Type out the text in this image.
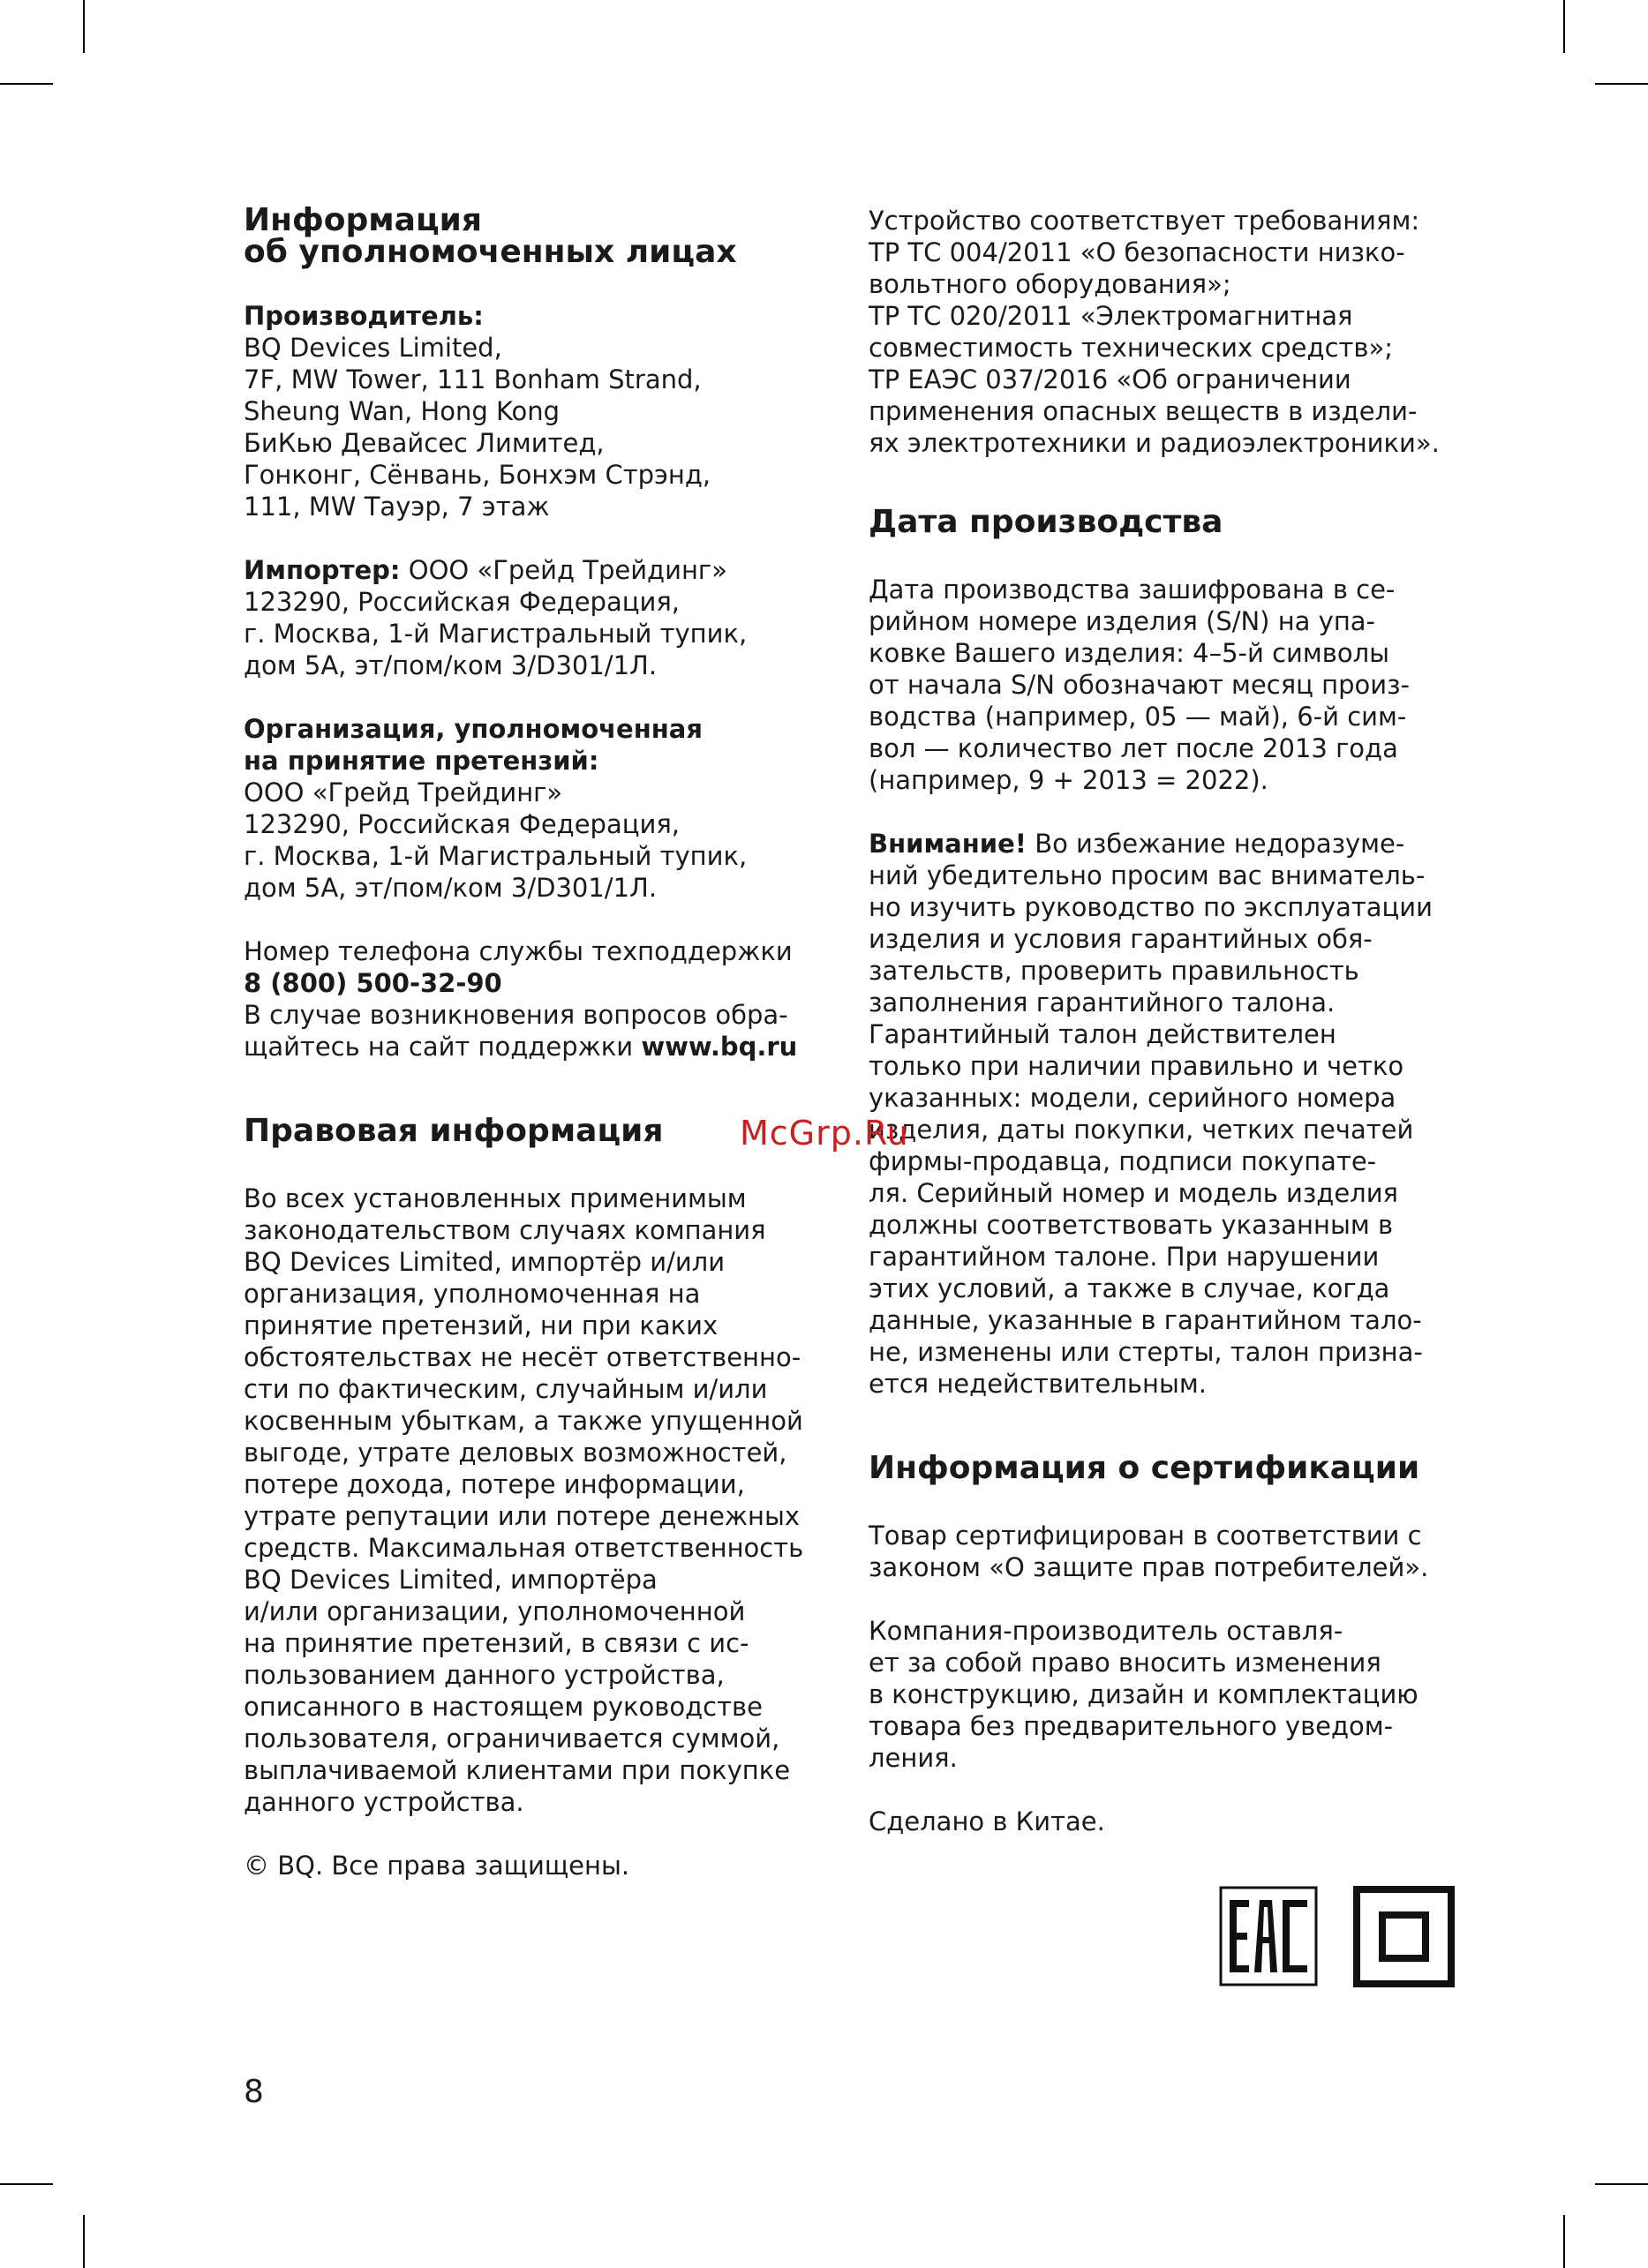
Информация
об уполномоченных лицах

Производитель:
BQ Devices Limited,
7F, MW Tower, 111 Bonham Strand,
Sheung Wan, Hong Kong
БиКью Девайсес Лимитед,
Гонконг, Сёнвань, Бонхэм Стрэнд,
111, MW Тауэр, 7 этаж

Импортер: ООО «Грейд Трейдинг»
123290, Российская Федерация,
г. Москва, 1-й Магистральный тупик,
дом 5А, эт/пом/ком 3/D301/1Л.

Организация, уполномоченная
на принятие претензий:
ООО «Грейд Трейдинг»
123290, Российская Федерация,
г. Москва, 1-й Магистральный тупик,
дом 5А, эт/пом/ком 3/D301/1Л.

Номер телефона службы техподдержки
8 (800) 500-32-90
В случае возникновения вопросов обра-
щайтесь на сайт поддержки www.bq.ru

Правовая информация

Во всех установленных применимым
законодательством случаях компания
BQ Devices Limited, импортёр и/или
организация, уполномоченная на
принятие претензий, ни при каких
обстоятельствах не несёт ответственно-
сти по фактическим, случайным и/или
косвенным убыткам, а также упущенной
выгоде, утрате деловых возможностей,
потере дохода, потере информации,
утрате репутации или потере денежных
средств. Максимальная ответственность
BQ Devices Limited, импортёра
и/или организации, уполномоченной
на принятие претензий, в связи с ис-
пользованием данного устройства,
описанного в настоящем руководстве
пользователя, ограничивается суммой,
выплачиваемой клиентами при покупке
данного устройства.

© BQ. Все права защищены.

Устройство соответствует требованиям:
ТР ТС 004/2011 «О безопасности низко-
вольтного оборудования»;
ТР ТС 020/2011 «Электромагнитная
совместимость технических средств»;
ТР ЕАЭС 037/2016 «Об ограничении
применения опасных веществ в издели-
ях электротехники и радиоэлектроники».

Дата производства

Дата производства зашифрована в се-
рийном номере изделия (S/N) на упа-
ковке Вашего изделия: 4–5-й символы
от начала S/N обозначают месяц произ-
водства (например, 05 — май), 6-й сим-
вол — количество лет после 2013 года
(например, 9 + 2013 = 2022).

Внимание! Во избежание недоразуме-
ний убедительно просим вас вниматель-
но изучить руководство по эксплуатации
изделия и условия гарантийных обя-
зательств, проверить правильность
заполнения гарантийного талона.
Гарантийный талон действителен
только при наличии правильно и четко
указанных: модели, серийного номера
изделия, даты покупки, четких печатей
фирмы-продавца, подписи покупате-
ля. Серийный номер и модель изделия
должны соответствовать указанным в
гарантийном талоне. При нарушении
этих условий, а также в случае, когда
данные, указанные в гарантийном тало-
не, изменены или стерты, талон призна-
ется недействительным.

Информация о сертификации

Товар сертифицирован в соответствии с
законом «О защите прав потребителей».

Компания-производитель оставля-
ет за собой право вносить изменения
в конструкцию, дизайн и комплектацию
товара без предварительного уведом-
ления.

Сделано в Китае.

McGrp.Ru
8
